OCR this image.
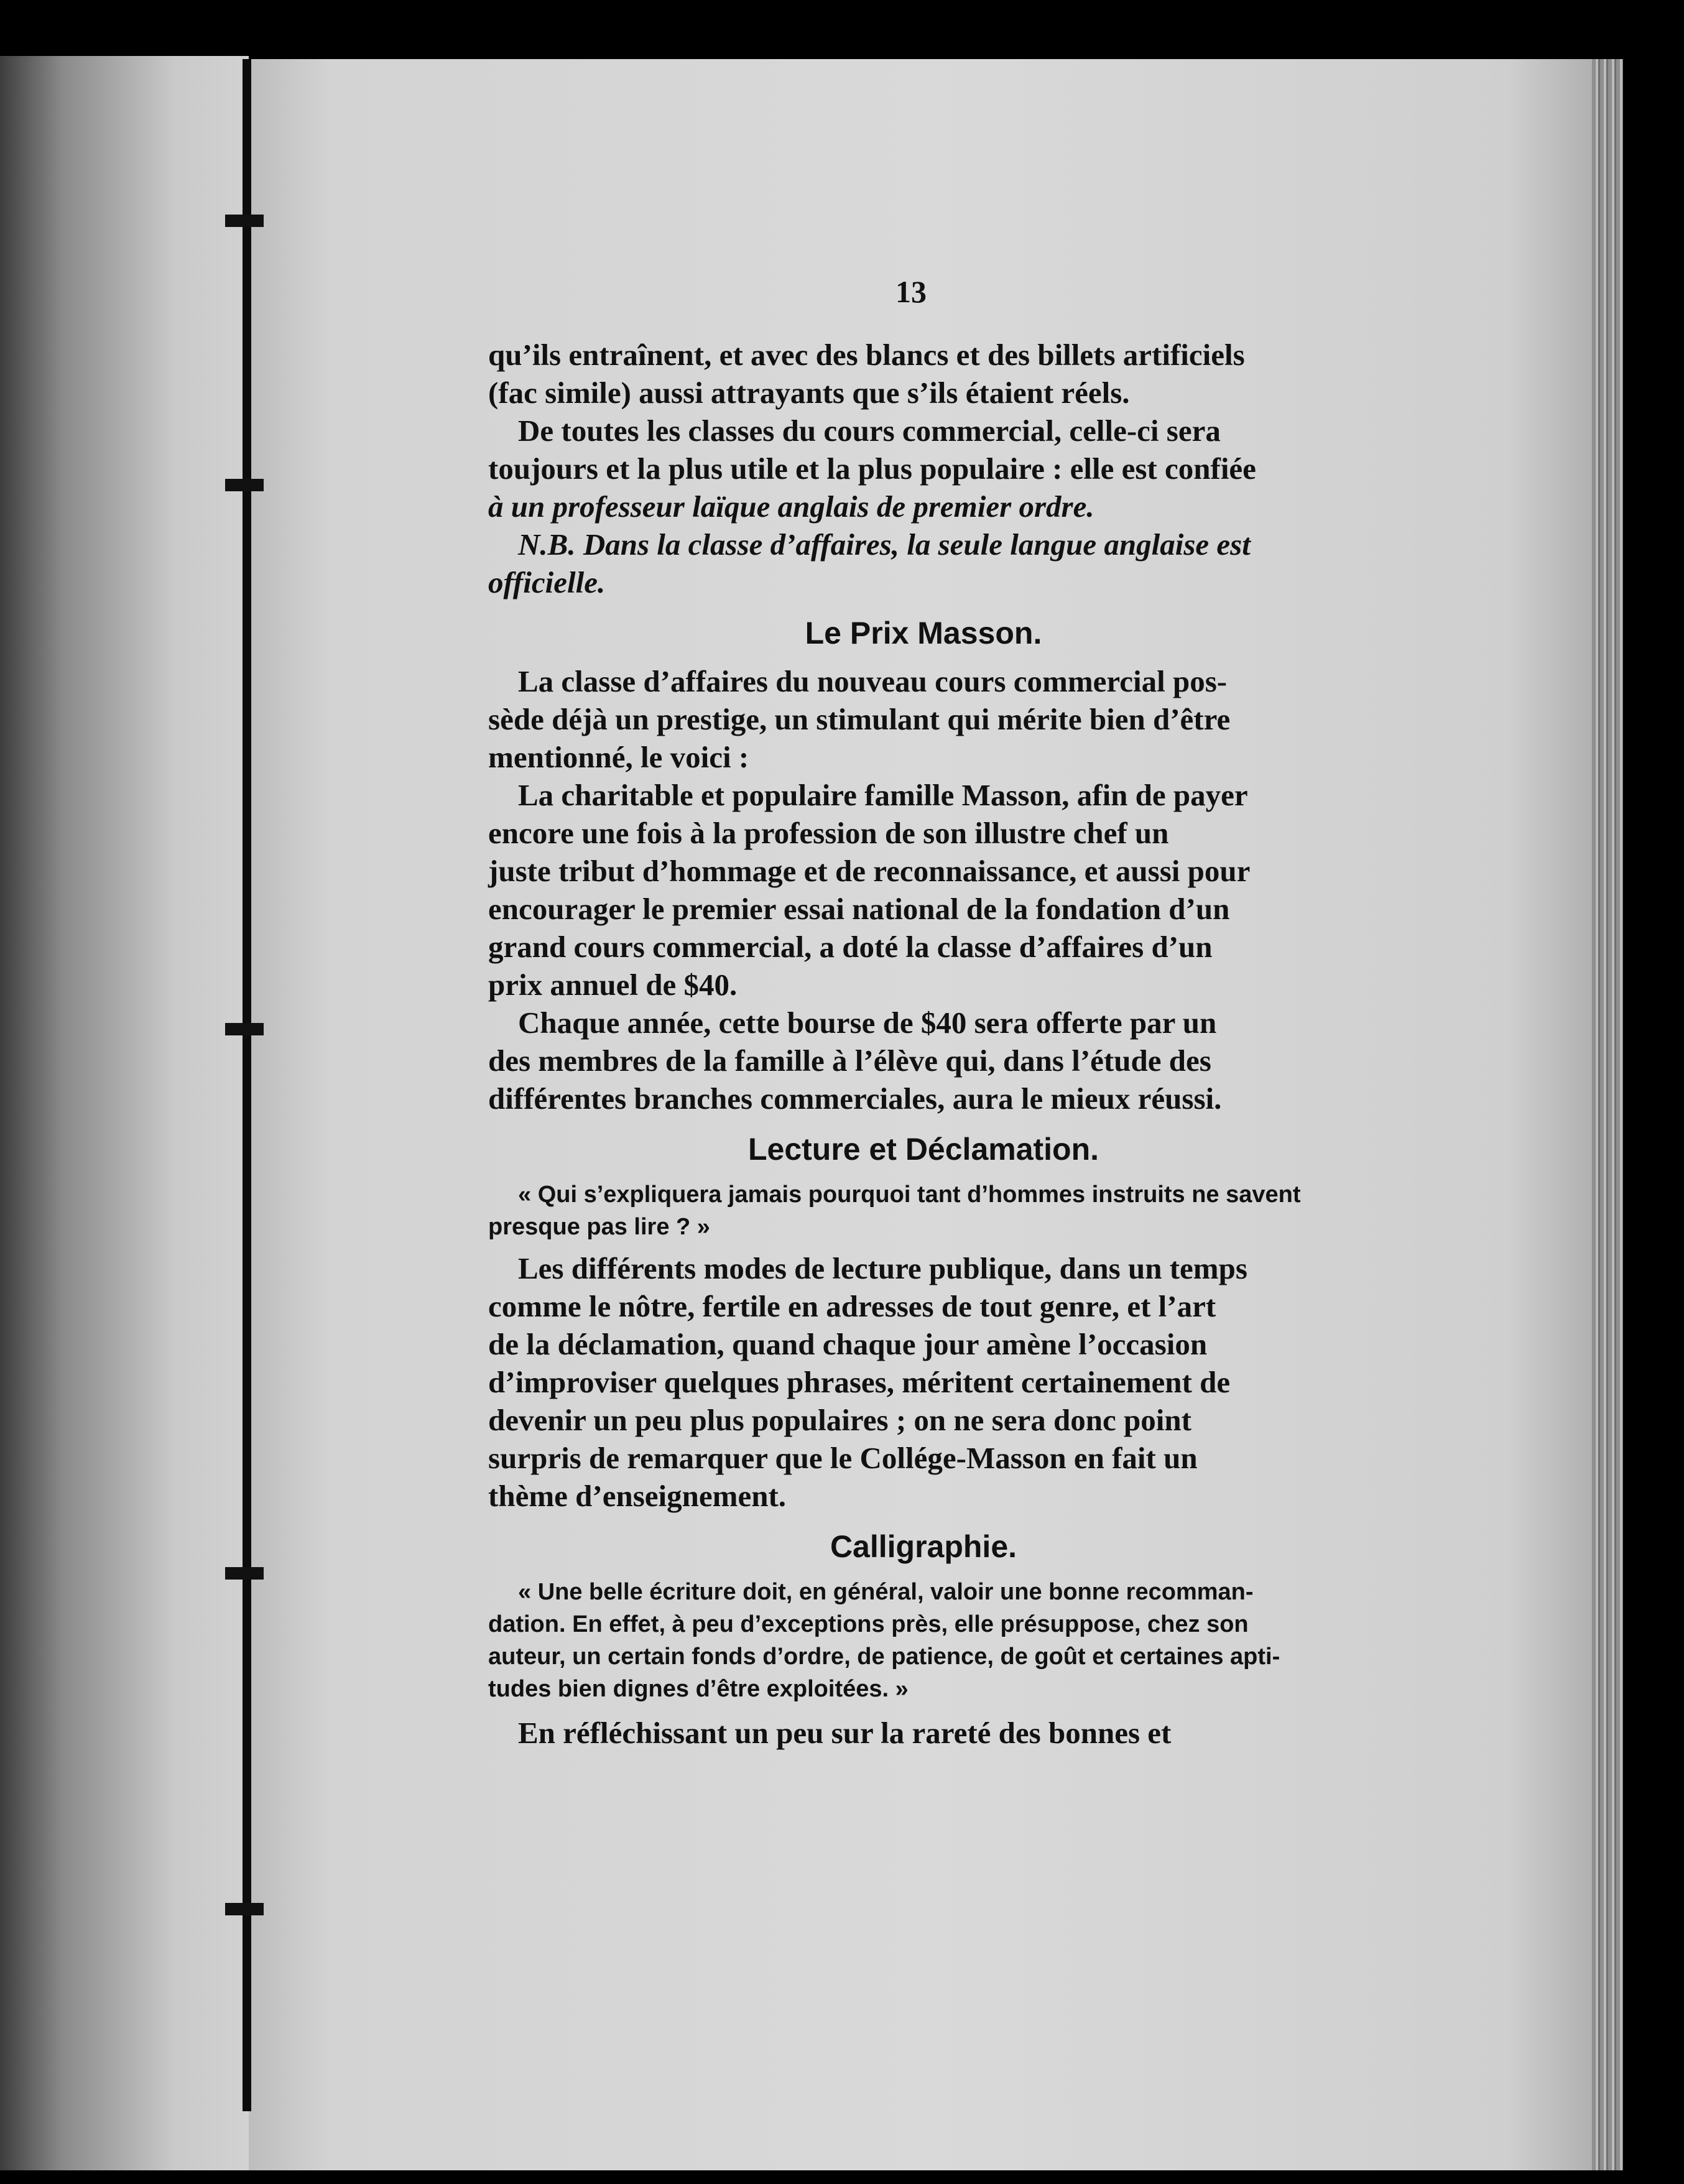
13

qu’ils entraînent, et avec des blancs et des billets artificiels

(fac simile) aussi attrayants que s’ils étaient réels.

De toutes les classes du cours commercial, celle-ci sera

toujours et la plus utile et la plus populaire : elle est confiée

à un professeur laïque anglais de premier ordre.

N.B. Dans la classe d’affaires, la seule langue anglaise est

officielle.

Le Prix Masson.

La classe d’affaires du nouveau cours commercial pos-

sède déjà un prestige, un stimulant qui mérite bien d’être

mentionné, le voici :

La charitable et populaire famille Masson, afin de payer

encore une fois à la profession de son illustre chef un

juste tribut d’hommage et de reconnaissance, et aussi pour

encourager le premier essai national de la fondation d’un

grand cours commercial, a doté la classe d’affaires d’un

prix annuel de $40.

Chaque année, cette bourse de $40 sera offerte par un

des membres de la famille à l’élève qui, dans l’étude des

différentes branches commerciales, aura le mieux réussi.

Lecture et Déclamation.

« Qui s’expliquera jamais pourquoi tant d’hommes instruits ne savent

presque pas lire ? »

Les différents modes de lecture publique, dans un temps

comme le nôtre, fertile en adresses de tout genre, et l’art

de la déclamation, quand chaque jour amène l’occasion

d’improviser quelques phrases, méritent certainement de

devenir un peu plus populaires ; on ne sera donc point

surpris de remarquer que le Collége-Masson en fait un

thème d’enseignement.

Calligraphie.

« Une belle écriture doit, en général, valoir une bonne recomman-

dation. En effet, à peu d’exceptions près, elle présuppose, chez son

auteur, un certain fonds d’ordre, de patience, de goût et certaines apti-

tudes bien dignes d’être exploitées. »

En réfléchissant un peu sur la rareté des bonnes et
